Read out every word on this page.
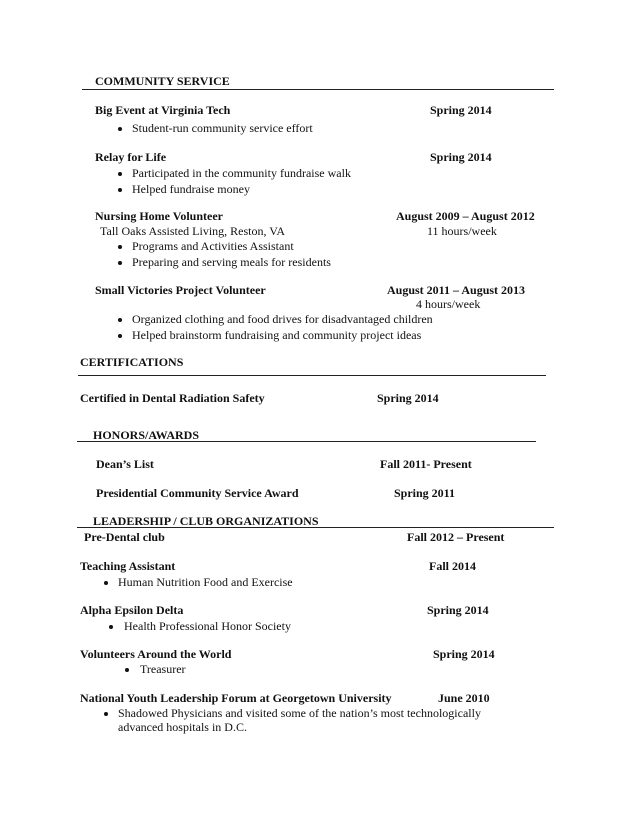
COMMUNITY SERVICE
Big Event at Virginia Tech	Spring 2014
Student-run community service effort
Relay for Life	Spring 2014
Participated in the community fundraise walk
Helped fundraise money
Nursing Home Volunteer	August 2009 – August 2012
Tall Oaks Assisted Living, Reston, VA	11 hours/week
Programs and Activities Assistant
Preparing and serving meals for residents
Small Victories Project Volunteer	August 2011 – August 2013
4 hours/week
Organized clothing and food drives for disadvantaged children
Helped brainstorm fundraising and community project ideas
CERTIFICATIONS
Certified in Dental Radiation Safety	Spring 2014
HONORS/AWARDS
Dean’s List	Fall 2011- Present
Presidential Community Service Award	Spring 2011
LEADERSHIP / CLUB ORGANIZATIONS
Pre-Dental club	Fall 2012 – Present
Teaching Assistant	Fall 2014
Human Nutrition Food and Exercise
Alpha Epsilon Delta	Spring 2014
Health Professional Honor Society
Volunteers Around the World	Spring 2014
Treasurer
National Youth Leadership Forum at Georgetown University	June 2010
Shadowed Physicians and visited some of the nation’s most technologically advanced hospitals in D.C.
